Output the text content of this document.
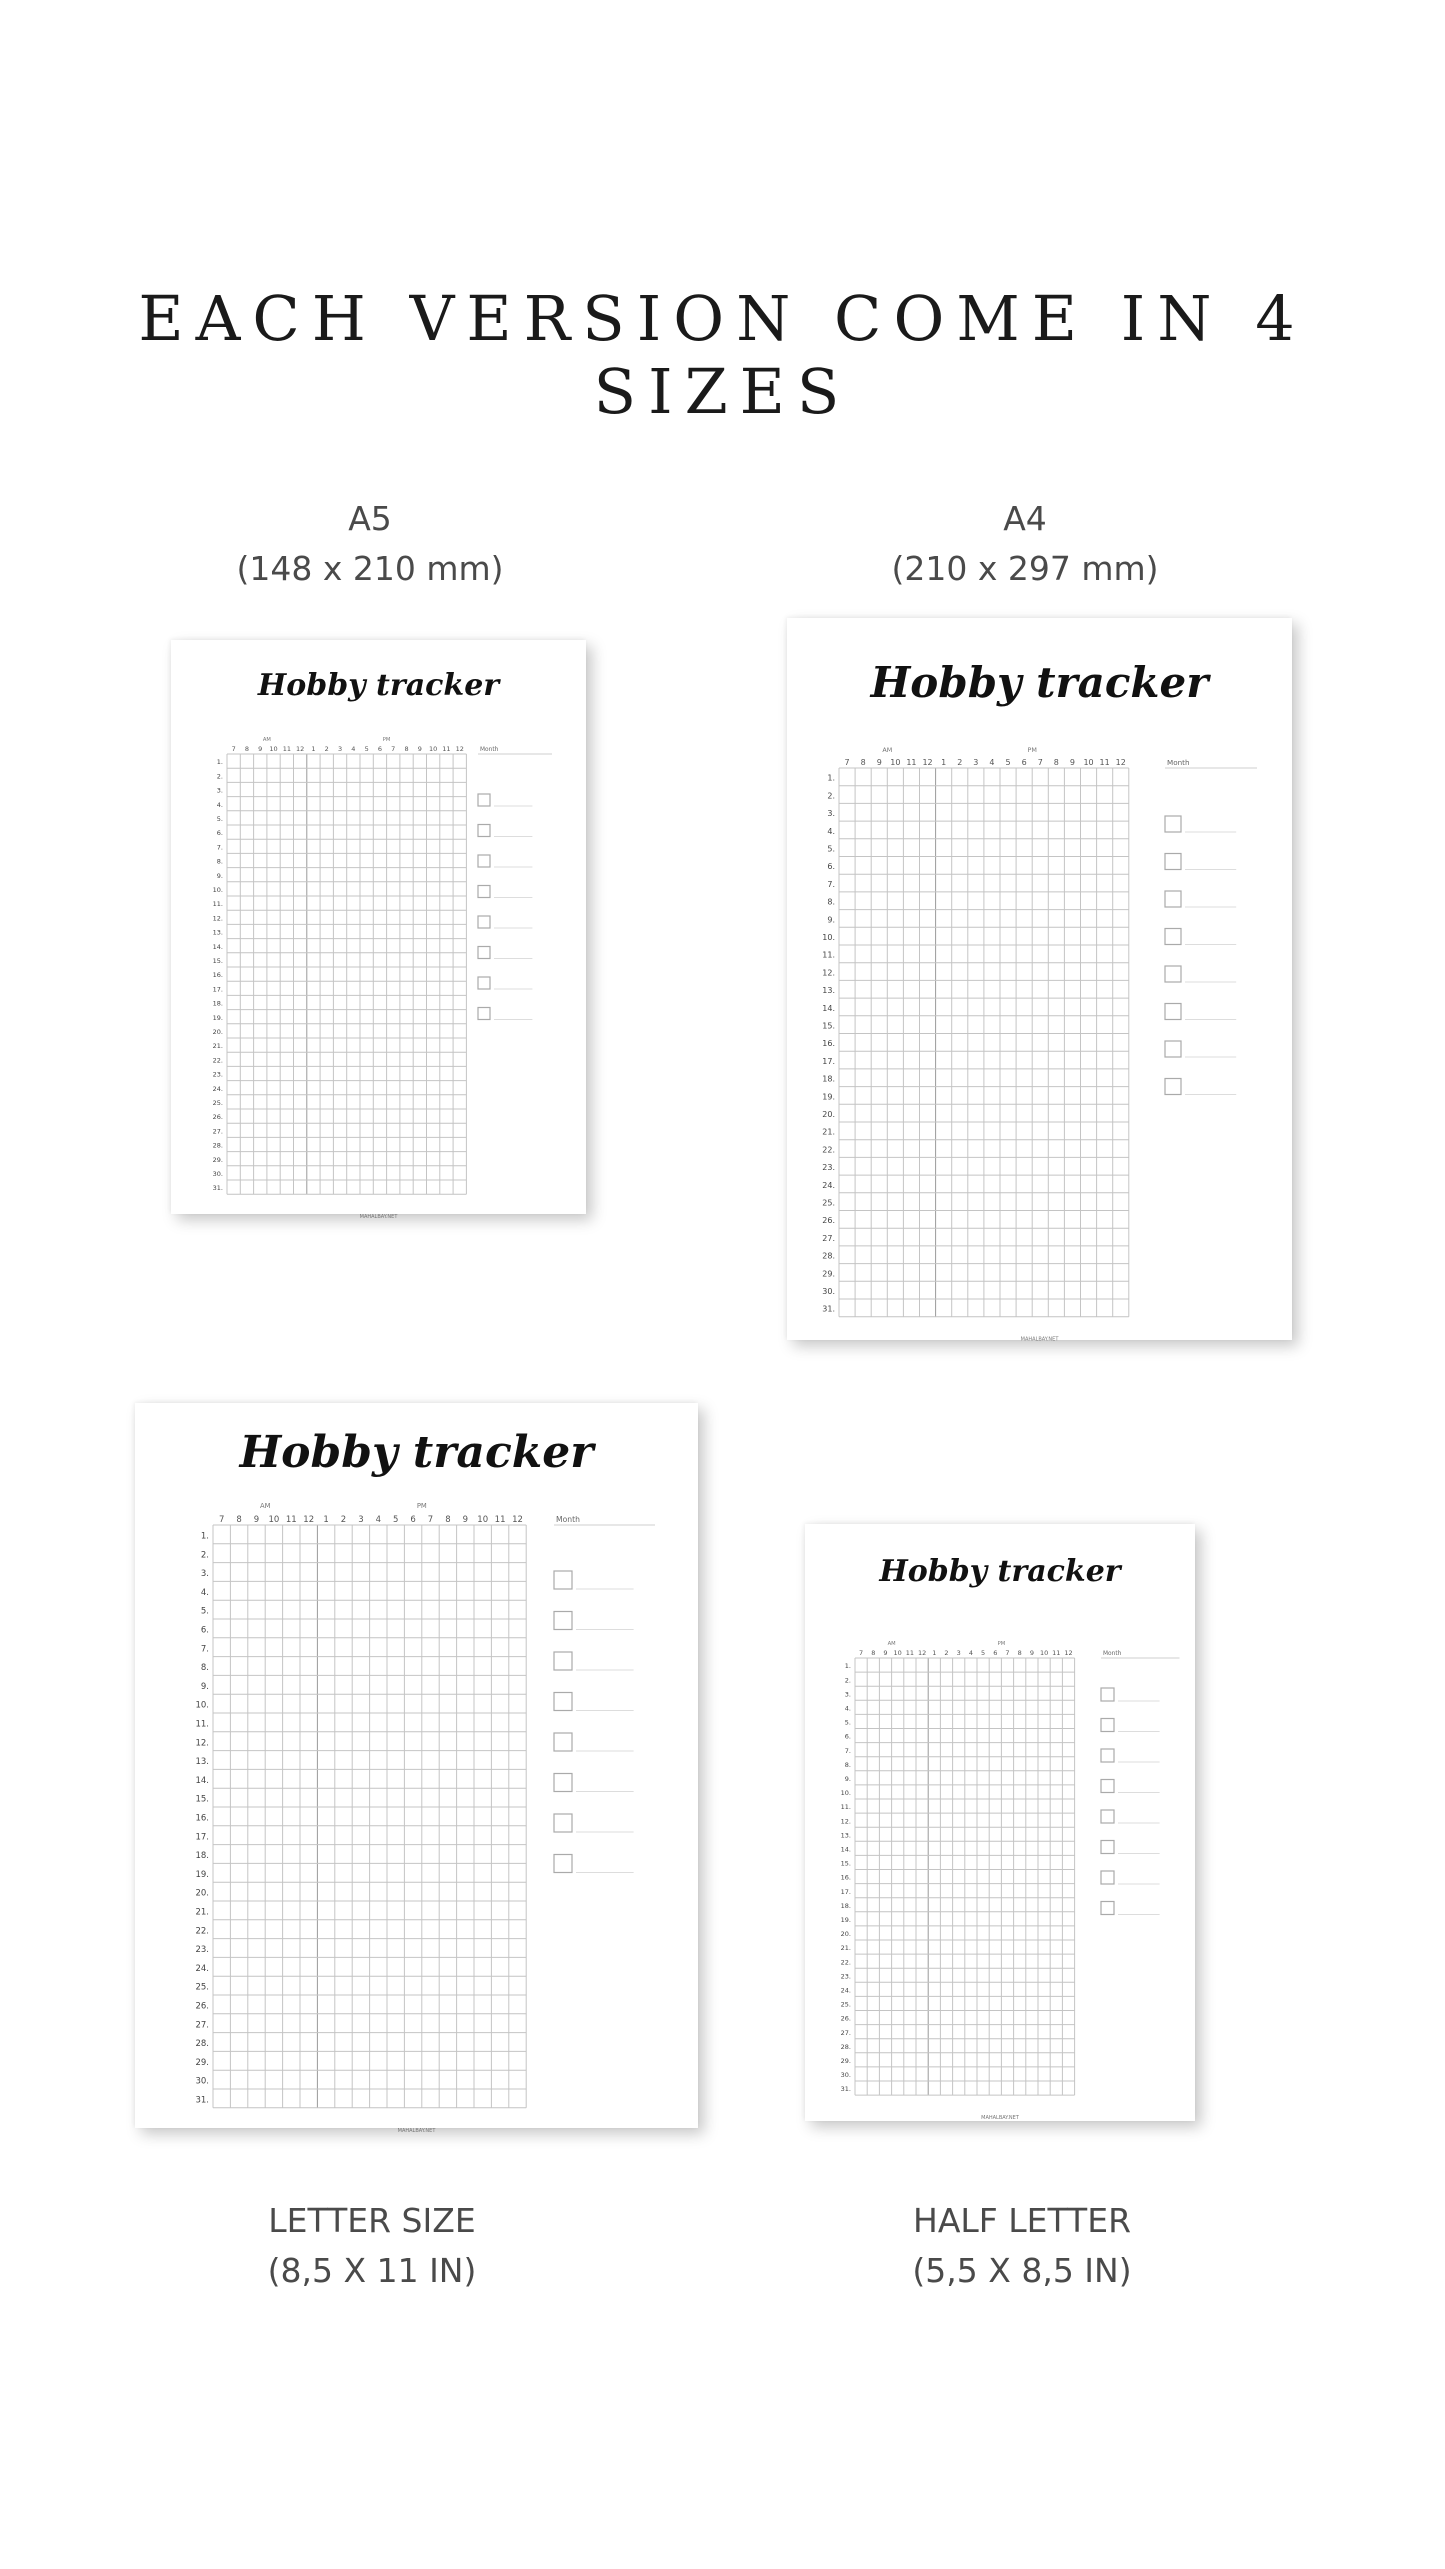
EACH VERSION COME IN 4 SIZES
A5
(148 x 210 mm)
Hobby tracker
AM	PM
7 8 9 10 11 12 1 2 3 4 5 6 7 8 9 10 11 12
1.
2.
3.
4.
5.
6.
7.
8.
9.
10.
11.
12.
13.
14.
15.
16.
17.
18.
19.
20.
21.
22.
23.
24.
25.
26.
27.
28.
29.
30.
31.
Month
MAHALBAY.NET
A4
(210 x 297 mm)
Hobby tracker
AM	PM
7 8 9 10 11 12 1 2 3 4 5 6 7 8 9 10 11 12
1.
2.
3.
4.
5.
6.
7.
8.
9.
10.
11.
12.
13.
14.
15.
16.
17.
18.
19.
20.
21.
22.
23.
24.
25.
26.
27.
28.
29.
30.
31.
Month
MAHALBAY.NET
Hobby tracker
AM	PM
7 8 9 10 11 12 1 2 3 4 5 6 7 8 9 10 11 12
1.
2.
3.
4.
5.
6.
7.
8.
9.
10.
11.
12.
13.
14.
15.
16.
17.
18.
19.
20.
21.
22.
23.
24.
25.
26.
27.
28.
29.
30.
31.
Month
MAHALBAY.NET
LETTER SIZE
(8,5 X 11 IN)
Hobby tracker
AM	PM
7 8 9 10 11 12 1 2 3 4 5 6 7 8 9 10 11 12
1.
2.
3.
4.
5.
6.
7.
8.
9.
10.
11.
12.
13.
14.
15.
16.
17.
18.
19.
20.
21.
22.
23.
24.
25.
26.
27.
28.
29.
30.
31.
Month
MAHALBAY.NET
HALF LETTER
(5,5 X 8,5 IN)
